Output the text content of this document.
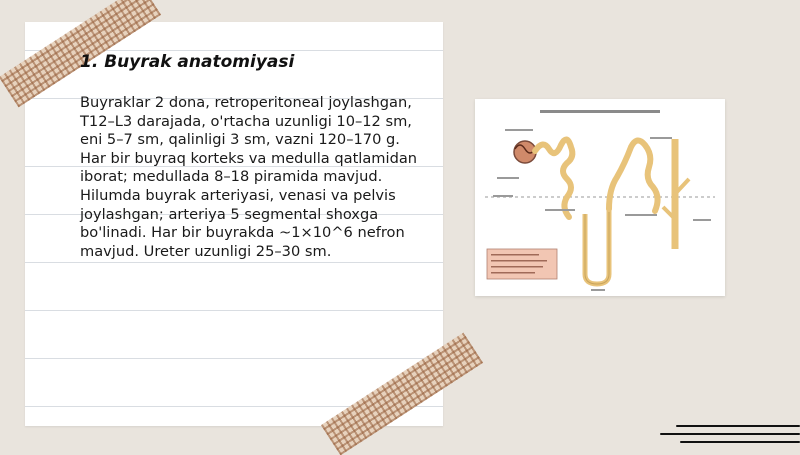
1. Buyrak anatomiyasi
Buyraklar 2 dona, retroperitoneal joylashgan, T12–L3 darajada, o'rtacha uzunligi 10–12 sm, eni 5–7 sm, qalinligi 3 sm, vazni 120–170 g. Har bir buyraq korteks va medulla qatlamidan iborat; medullada 8–18 piramida mavjud. Hilumda buyrak arteriyasi, venasi va pelvis joylashgan; arteriya 5 segmental shoxga bo'linadi. Har bir buyrakda ~1×10^6 nefron mavjud. Ureter uzunligi 25–30 sm.
